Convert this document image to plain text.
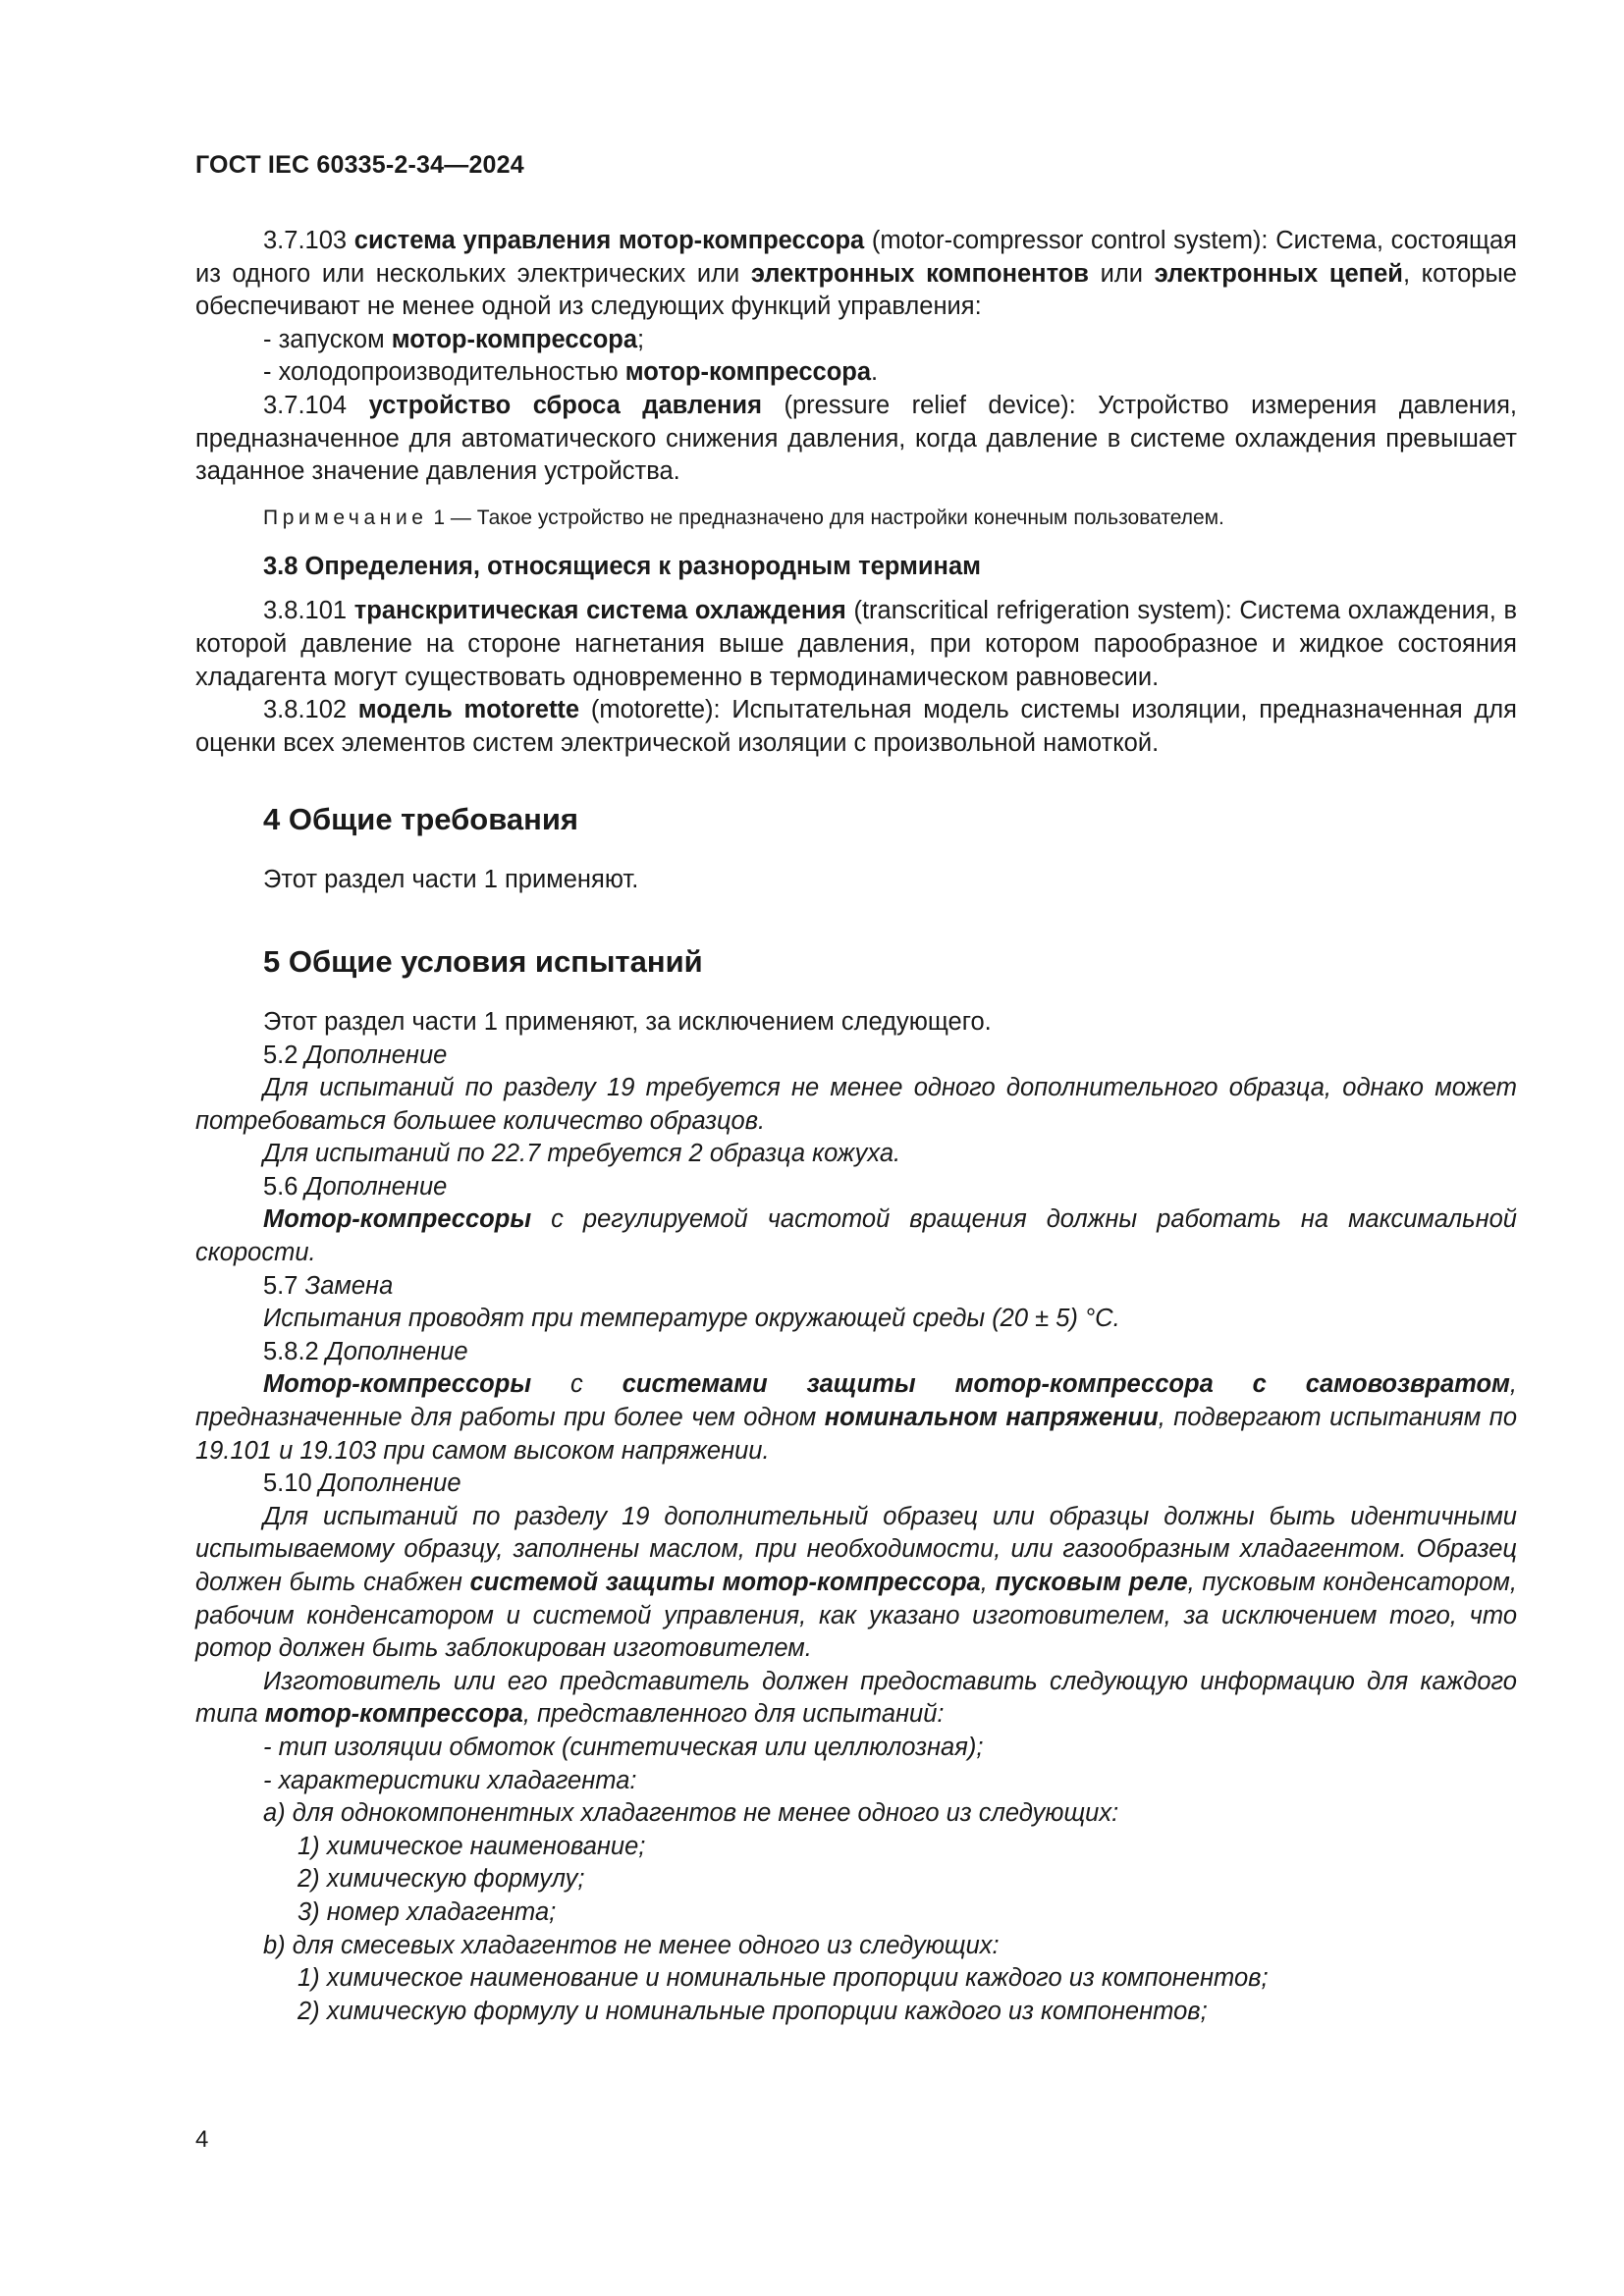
ГОСТ IEC 60335-2-34—2024

3.7.103 система управления мотор-компрессора (motor-compressor control system): Система, состоящая из одного или нескольких электрических или электронных компонентов или электронных цепей, которые обеспечивают не менее одной из следующих функций управления:

- запуском мотор-компрессора;

- холодопроизводительностью мотор-компрессора.

3.7.104 устройство сброса давления (pressure relief device): Устройство измерения давления, предназначенное для автоматического снижения давления, когда давление в системе охлаждения превышает заданное значение давления устройства.

Примечание 1 — Такое устройство не предназначено для настройки конечным пользователем.

3.8 Определения, относящиеся к разнородным терминам

3.8.101 транскритическая система охлаждения (transcritical refrigeration system): Система охлаждения, в которой давление на стороне нагнетания выше давления, при котором парообразное и жидкое состояния хладагента могут существовать одновременно в термодинамическом равновесии.

3.8.102 модель motorette (motorette): Испытательная модель системы изоляции, предназначенная для оценки всех элементов систем электрической изоляции с произвольной намоткой.

4 Общие требования

Этот раздел части 1 применяют.

5 Общие условия испытаний

Этот раздел части 1 применяют, за исключением следующего.

5.2 Дополнение

Для испытаний по разделу 19 требуется не менее одного дополнительного образца, однако может потребоваться большее количество образцов.

Для испытаний по 22.7 требуется 2 образца кожуха.

5.6 Дополнение

Мотор-компрессоры с регулируемой частотой вращения должны работать на максимальной скорости.

5.7 Замена

Испытания проводят при температуре окружающей среды (20 ± 5) °С.

5.8.2 Дополнение

Мотор-компрессоры с системами защиты мотор-компрессора с самовозвратом, предназначенные для работы при более чем одном номинальном напряжении, подвергают испытаниям по 19.101 и 19.103 при самом высоком напряжении.

5.10 Дополнение

Для испытаний по разделу 19 дополнительный образец или образцы должны быть идентичными испытываемому образцу, заполнены маслом, при необходимости, или газообразным хладагентом. Образец должен быть снабжен системой защиты мотор-компрессора, пусковым реле, пусковым конденсатором, рабочим конденсатором и системой управления, как указано изготовителем, за исключением того, что ротор должен быть заблокирован изготовителем.

Изготовитель или его представитель должен предоставить следующую информацию для каждого типа мотор-компрессора, представленного для испытаний:

- тип изоляции обмоток (синтетическая или целлюлозная);

- характеристики хладагента:

a) для однокомпонентных хладагентов не менее одного из следующих:

1) химическое наименование;

2) химическую формулу;

3) номер хладагента;

b) для смесевых хладагентов не менее одного из следующих:

1) химическое наименование и номинальные пропорции каждого из компонентов;

2) химическую формулу и номинальные пропорции каждого из компонентов;

4
